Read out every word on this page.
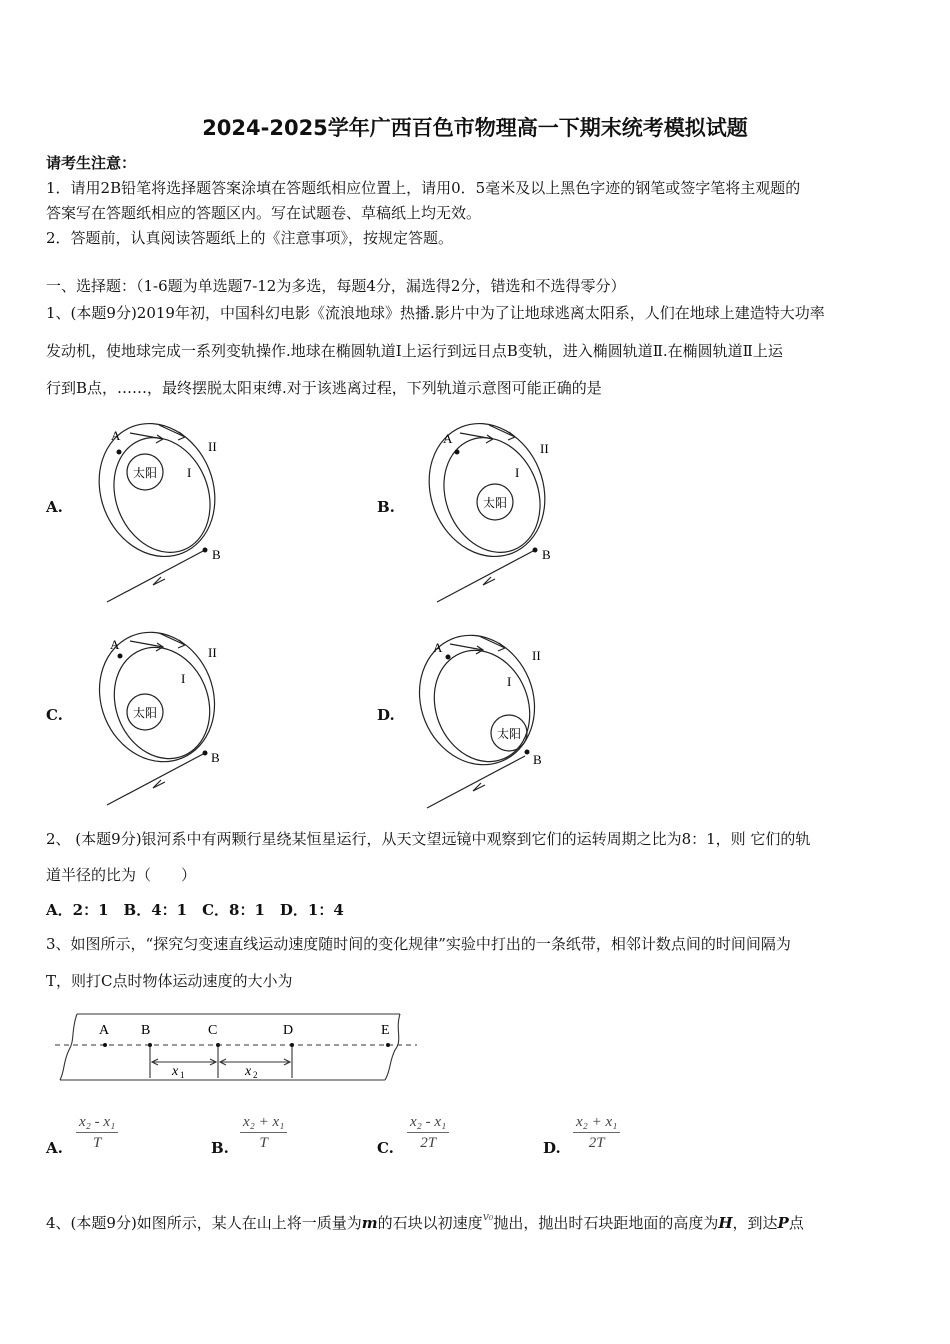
2024-2025学年广西百色市物理高一下期末统考模拟试题
请考生注意：
1．请用2B铅笔将选择题答案涂填在答题纸相应位置上，请用0．5毫米及以上黑色字迹的钢笔或签字笔将主观题的
答案写在答题纸相应的答题区内。写在试题卷、草稿纸上均无效。
2．答题前，认真阅读答题纸上的《注意事项》，按规定答题。
一、选择题：（1-6题为单选题7-12为多选，每题4分，漏选得2分，错选和不选得零分）
1、(本题9分)2019年初，中国科幻电影《流浪地球》热播.影片中为了让地球逃离太阳系，人们在地球上建造特大功率
发动机，使地球完成一系列变轨操作.地球在椭圆轨道Ⅰ上运行到远日点B变轨，进入椭圆轨道Ⅱ.在椭圆轨道Ⅱ上运
行到B点，……，最终摆脱太阳束缚.对于该逃离过程，下列轨道示意图可能正确的是
A.	B.
C.	D.
A
B
I
II
太阳
A
B
I
II
太阳
A
B
I
II
太阳
A
B
I
II
太阳
2、 (本题9分)银河系中有两颗行星绕某恒星运行，从天文望远镜中观察到它们的运转周期之比为8：1，则 它们的轨
道半径的比为（　　）
A．2：1　B．4：1　C．8：1　D．1：4
3、如图所示，“探究匀变速直线运动速度随时间的变化规律”实验中打出的一条纸带，相邻计数点间的时间间隔为
T，则打C点时物体运动速度的大小为
A B	C	D	E
x 1	x 2
A. $\frac{\text{x₂ - x₁}}{T}$	B. $\frac{\text{x₂ + x₁}}{T}$	C. $\frac{\text{x₂ - x₁}}{2T}$	D. $\frac{\text{x₂ + x₁}}{2T}$
4、(本题9分)如图所示，某人在山上将一质量为m的石块以初速度$^{v_0}$抛出，抛出时石块距地面的高度为H，到达P点
